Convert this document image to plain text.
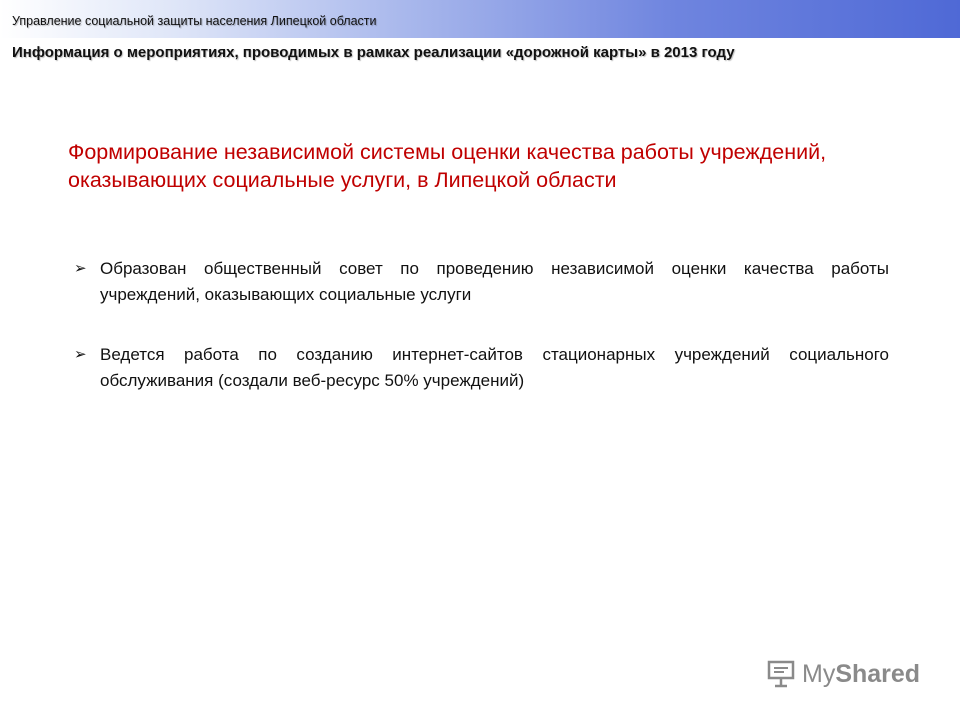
Управление социальной защиты населения Липецкой области
Информация о мероприятиях, проводимых в рамках реализации «дорожной карты» в 2013 году
Формирование независимой системы оценки качества работы учреждений, оказывающих социальные услуги, в Липецкой области
➢ Образован общественный совет по проведению независимой оценки качества работы учреждений, оказывающих социальные услуги
➢ Ведется работа по созданию интернет-сайтов стационарных учреждений социального обслуживания (создали веб-ресурс 50% учреждений)
My Shared
